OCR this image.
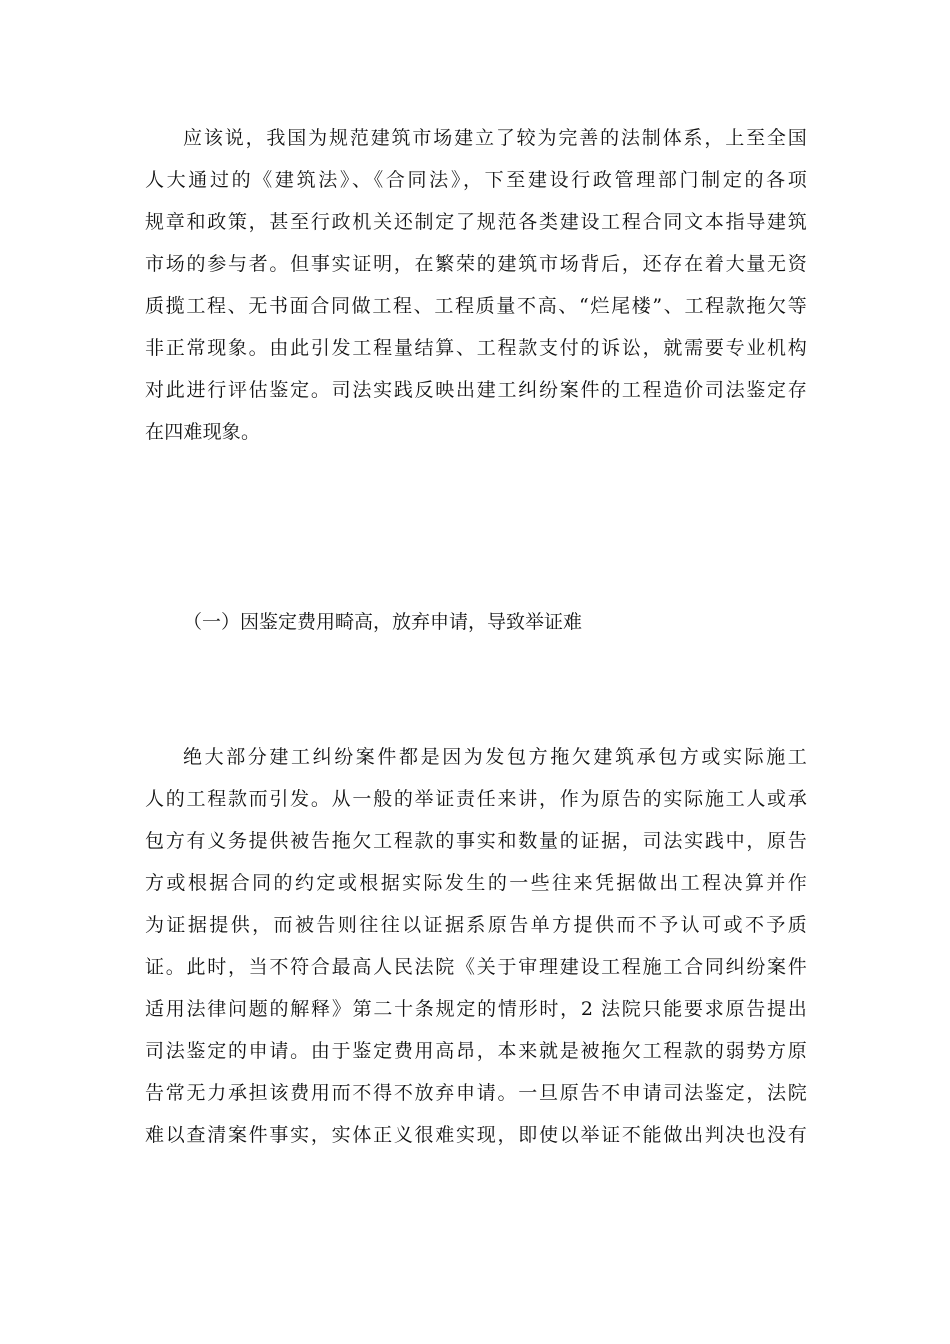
应该说，我国为规范建筑市场建立了较为完善的法制体系，上至全国
人大通过的《建筑法》、《合同法》，下至建设行政管理部门制定的各项
规章和政策，甚至行政机关还制定了规范各类建设工程合同文本指导建筑
市场的参与者。但事实证明，在繁荣的建筑市场背后，还存在着大量无资
质揽工程、无书面合同做工程、工程质量不高、“烂尾楼”、工程款拖欠等
非正常现象。由此引发工程量结算、工程款支付的诉讼，就需要专业机构
对此进行评估鉴定。司法实践反映出建工纠纷案件的工程造价司法鉴定存
在四难现象。
（一）因鉴定费用畸高，放弃申请，导致举证难
绝大部分建工纠纷案件都是因为发包方拖欠建筑承包方或实际施工
人的工程款而引发。从一般的举证责任来讲，作为原告的实际施工人或承
包方有义务提供被告拖欠工程款的事实和数量的证据，司法实践中，原告
方或根据合同的约定或根据实际发生的一些往来凭据做出工程决算并作
为证据提供，而被告则往往以证据系原告单方提供而不予认可或不予质
证。此时，当不符合最高人民法院《关于审理建设工程施工合同纠纷案件
适用法律问题的解释》第二十条规定的情形时，2 法院只能要求原告提出
司法鉴定的申请。由于鉴定费用高昂，本来就是被拖欠工程款的弱势方原
告常无力承担该费用而不得不放弃申请。一旦原告不申请司法鉴定，法院
难以查清案件事实，实体正义很难实现，即使以举证不能做出判决也没有
